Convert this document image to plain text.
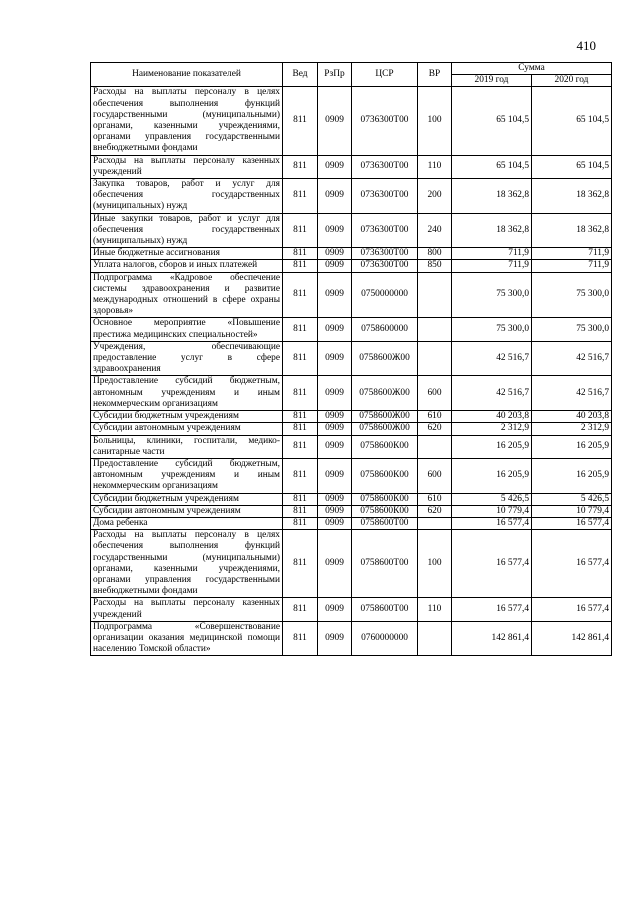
410
Наименование показателей	Вед	РзПр	ЦСР	ВР	Сумма	
					2019 год	2020 год
Расходы на выплаты персоналу в целях обеспечения выполнения функций государственными (муниципальными) органами, казенными учреждениями, органами управления государственными внебюджетными фондами	811	0909	0736300Т00	100	65 104,5	65 104,5
Расходы на выплаты персоналу казенных учреждений	811	0909	0736300Т00	110	65 104,5	65 104,5
Закупка товаров, работ и услуг для обеспечения государственных (муниципальных) нужд	811	0909	0736300Т00	200	18 362,8	18 362,8
Иные закупки товаров, работ и услуг для обеспечения государственных (муниципальных) нужд	811	0909	0736300Т00	240	18 362,8	18 362,8
Иные бюджетные ассигнования	811	0909	0736300Т00	800	711,9	711,9
Уплата налогов, сборов и иных платежей	811	0909	0736300Т00	850	711,9	711,9
Подпрограмма «Кадровое обеспечение системы здравоохранения и развитие международных отношений в сфере охраны здоровья»	811	0909	0750000000		75 300,0	75 300,0
Основное мероприятие «Повышение престижа медицинских специальностей»	811	0909	0758600000		75 300,0	75 300,0
Учреждения, обеспечивающие предоставление услуг в сфере здравоохранения	811	0909	0758600Ж00		42 516,7	42 516,7
Предоставление субсидий бюджетным, автономным учреждениям и иным некоммерческим организациям	811	0909	0758600Ж00	600	42 516,7	42 516,7
Субсидии бюджетным учреждениям	811	0909	0758600Ж00	610	40 203,8	40 203,8
Субсидии автономным учреждениям	811	0909	0758600Ж00	620	2 312,9	2 312,9
Больницы, клиники, госпитали, медико-санитарные части	811	0909	0758600К00		16 205,9	16 205,9
Предоставление субсидий бюджетным, автономным учреждениям и иным некоммерческим организациям	811	0909	0758600К00	600	16 205,9	16 205,9
Субсидии бюджетным учреждениям	811	0909	0758600К00	610	5 426,5	5 426,5
Субсидии автономным учреждениям	811	0909	0758600К00	620	10 779,4	10 779,4
Дома ребенка	811	0909	0758600Т00		16 577,4	16 577,4
Расходы на выплаты персоналу в целях обеспечения выполнения функций государственными (муниципальными) органами, казенными учреждениями, органами управления государственными внебюджетными фондами	811	0909	0758600Т00	100	16 577,4	16 577,4
Расходы на выплаты персоналу казенных учреждений	811	0909	0758600Т00	110	16 577,4	16 577,4
Подпрограмма «Совершенствование организации оказания медицинской помощи населению Томской области»	811	0909	0760000000		142 861,4	142 861,4
